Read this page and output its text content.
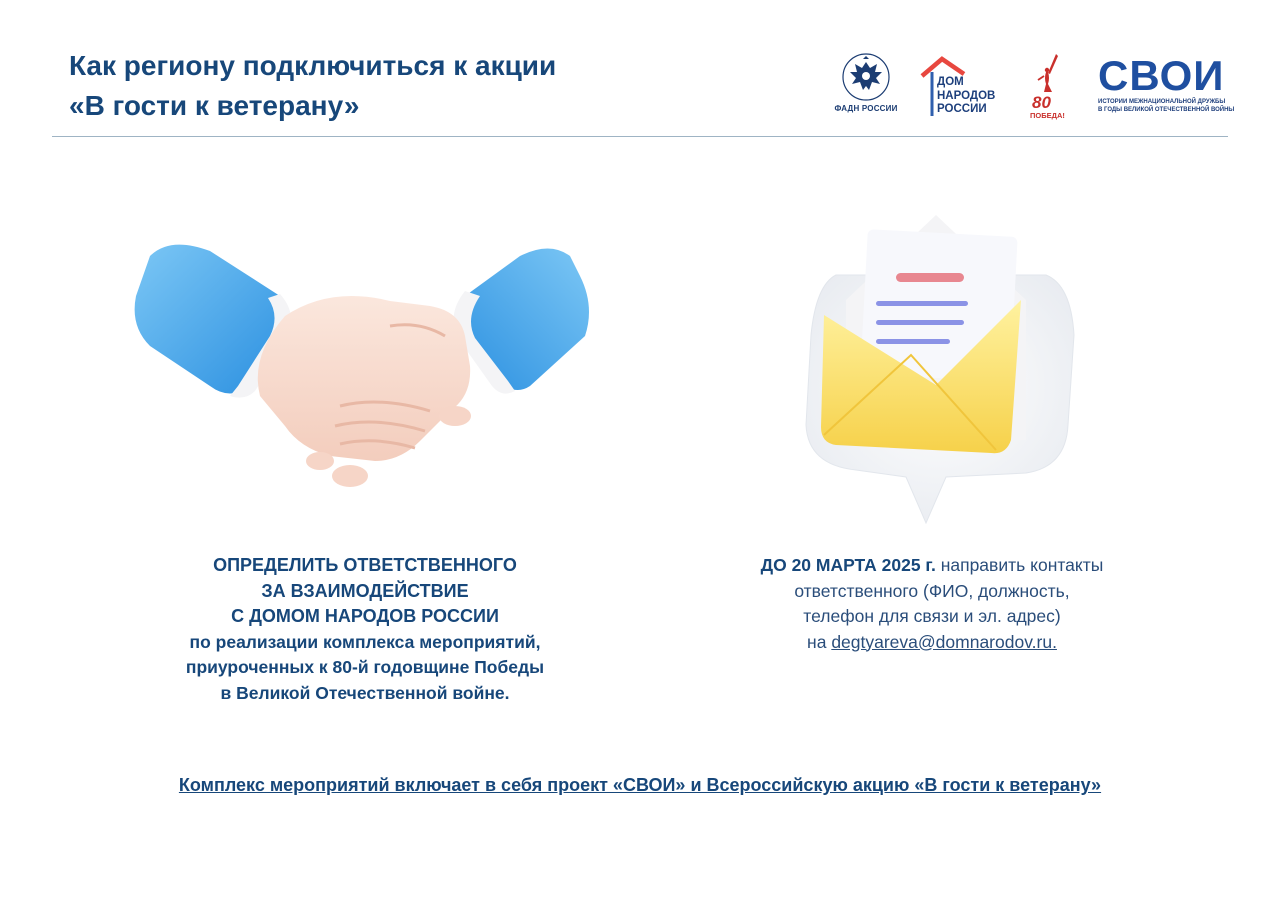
Как региону подключиться к акции
«В гости к ветерану»	ФАДН РОССИИ
ДОМ
НАРОДОВ
РОССИИ	80
ПОБЕДА!
СВОИ
ИСТОРИИ МЕЖНАЦИОНАЛЬНОЙ ДРУЖБЫ
В ГОДЫ ВЕЛИКОЙ ОТЕЧЕСТВЕННОЙ ВОЙНЫ
ОПРЕДЕЛИТЬ ОТВЕТСТВЕННОГО
ЗА ВЗАИМОДЕЙСТВИЕ
С ДОМОМ НАРОДОВ РОССИИ
по реализации комплекса мероприятий,
приуроченных к 80-й годовщине Победы
в Великой Отечественной войне.
ДО 20 МАРТА 2025 г. направить контакты
ответственного (ФИО, должность,
телефон для связи и эл. адрес)
на degtyareva@domnarodov.ru.
Комплекс мероприятий включает в себя проект «СВОИ» и Всероссийскую акцию «В гости к ветерану»
